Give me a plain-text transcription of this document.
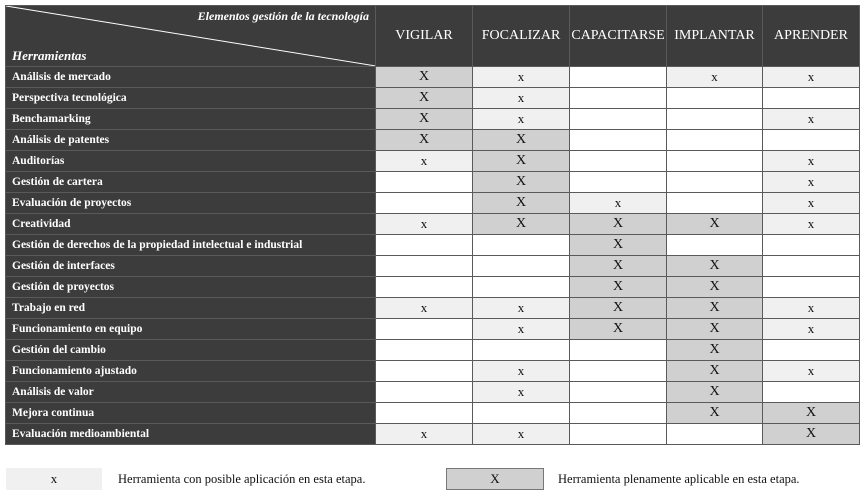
Elementos gestión de la tecnología
Herramientas	VIGILAR	FOCALIZAR	CAPACITARSE	IMPLANTAR	APRENDER
Análisis de mercado	X	x		x	x
Perspectiva tecnológica	X	x			
Benchamarking	X	x			x
Análisis de patentes	X	X			
Auditorías	x	X			x
Gestión de cartera		X			x
Evaluación de proyectos		X	x		x
Creatividad	x	X	X	X	x
Gestión de derechos de la propiedad intelectual e industrial			X		
Gestión de interfaces			X	X	
Gestión de proyectos			X	X	
Trabajo en red	x	x	X	X	x
Funcionamiento en equipo		x	X	X	x
Gestión del cambio				X	
Funcionamiento ajustado		x		X	x
Análisis de valor		x		X	
Mejora continua				X	X
Evaluación medioambiental	x	x			X
x	Herramienta con posible aplicación en esta etapa.	X	Herramienta plenamente aplicable en esta etapa.
